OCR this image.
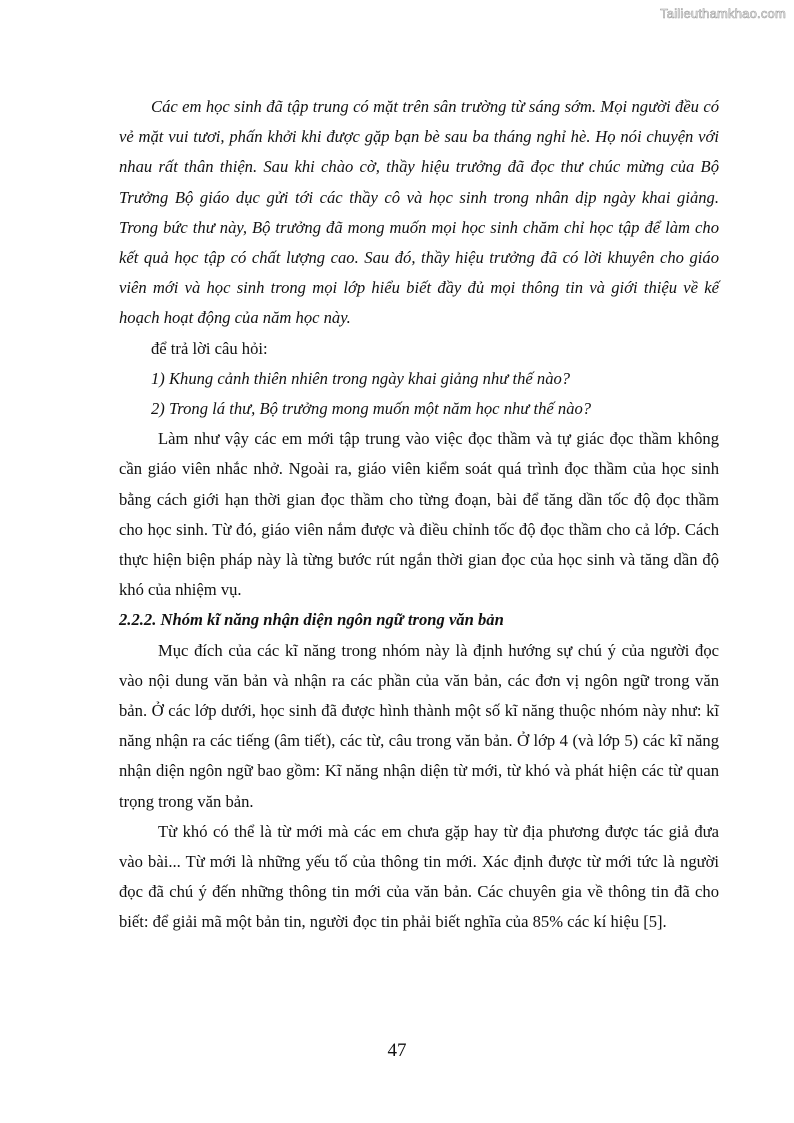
Tailieuthamkhao.com

Các em học sinh đã tập trung có mặt trên sân trường từ sáng sớm. Mọi người đều có vẻ mặt vui tươi, phấn khởi khi được gặp bạn bè sau ba tháng nghỉ hè. Họ nói chuyện với nhau rất thân thiện. Sau khi chào cờ, thầy hiệu trưởng đã đọc thư chúc mừng của Bộ Trưởng Bộ giáo dục gửi tới các thầy cô và học sinh trong nhân dịp ngày khai giảng. Trong bức thư này, Bộ trưởng đã mong muốn mọi học sinh chăm chỉ học tập để làm cho kết quả học tập có chất lượng cao. Sau đó, thầy hiệu trưởng đã có lời khuyên cho giáo viên mới và học sinh trong mọi lớp hiểu biết đầy đủ mọi thông tin và giới thiệu về kế hoạch hoạt động của năm học này.

để trả lời câu hỏi:

1) Khung cảnh thiên nhiên trong ngày khai giảng như thế nào?

2) Trong lá thư, Bộ trưởng mong muốn một năm học như thế nào?

Làm như vậy các em mới tập trung vào việc đọc thầm và tự giác đọc thầm không cần giáo viên nhắc nhở. Ngoài ra, giáo viên kiểm soát quá trình đọc thầm của học sinh bằng cách giới hạn thời gian đọc thầm cho từng đoạn, bài để tăng dần tốc độ đọc thầm cho học sinh. Từ đó, giáo viên nắm được và điều chỉnh tốc độ đọc thầm cho cả lớp. Cách thực hiện biện pháp này là từng bước rút ngắn thời gian đọc của học sinh và tăng dần độ khó của nhiệm vụ.

2.2.2. Nhóm kĩ năng nhận diện ngôn ngữ trong văn bản

Mục đích của các kĩ năng trong nhóm này là định hướng sự chú ý của người đọc vào nội dung văn bản và nhận ra các phần của văn bản, các đơn vị ngôn ngữ trong văn bản. Ở các lớp dưới, học sinh đã được hình thành một số kĩ năng thuộc nhóm này như: kĩ năng nhận ra các tiếng (âm tiết), các từ, câu trong văn bản. Ở lớp 4 (và lớp 5) các kĩ năng nhận diện ngôn ngữ bao gồm: Kĩ năng nhận diện từ mới, từ khó và phát hiện các từ quan trọng trong văn bản.

Từ khó có thể là từ mới mà các em chưa gặp hay từ địa phương được tác giả đưa vào bài... Từ mới là những yếu tố của thông tin mới. Xác định được từ mới tức là người đọc đã chú ý đến những thông tin mới của văn bản. Các chuyên gia về thông tin đã cho biết: để giải mã một bản tin, người đọc tin phải biết nghĩa của 85% các kí hiệu [5].

47
